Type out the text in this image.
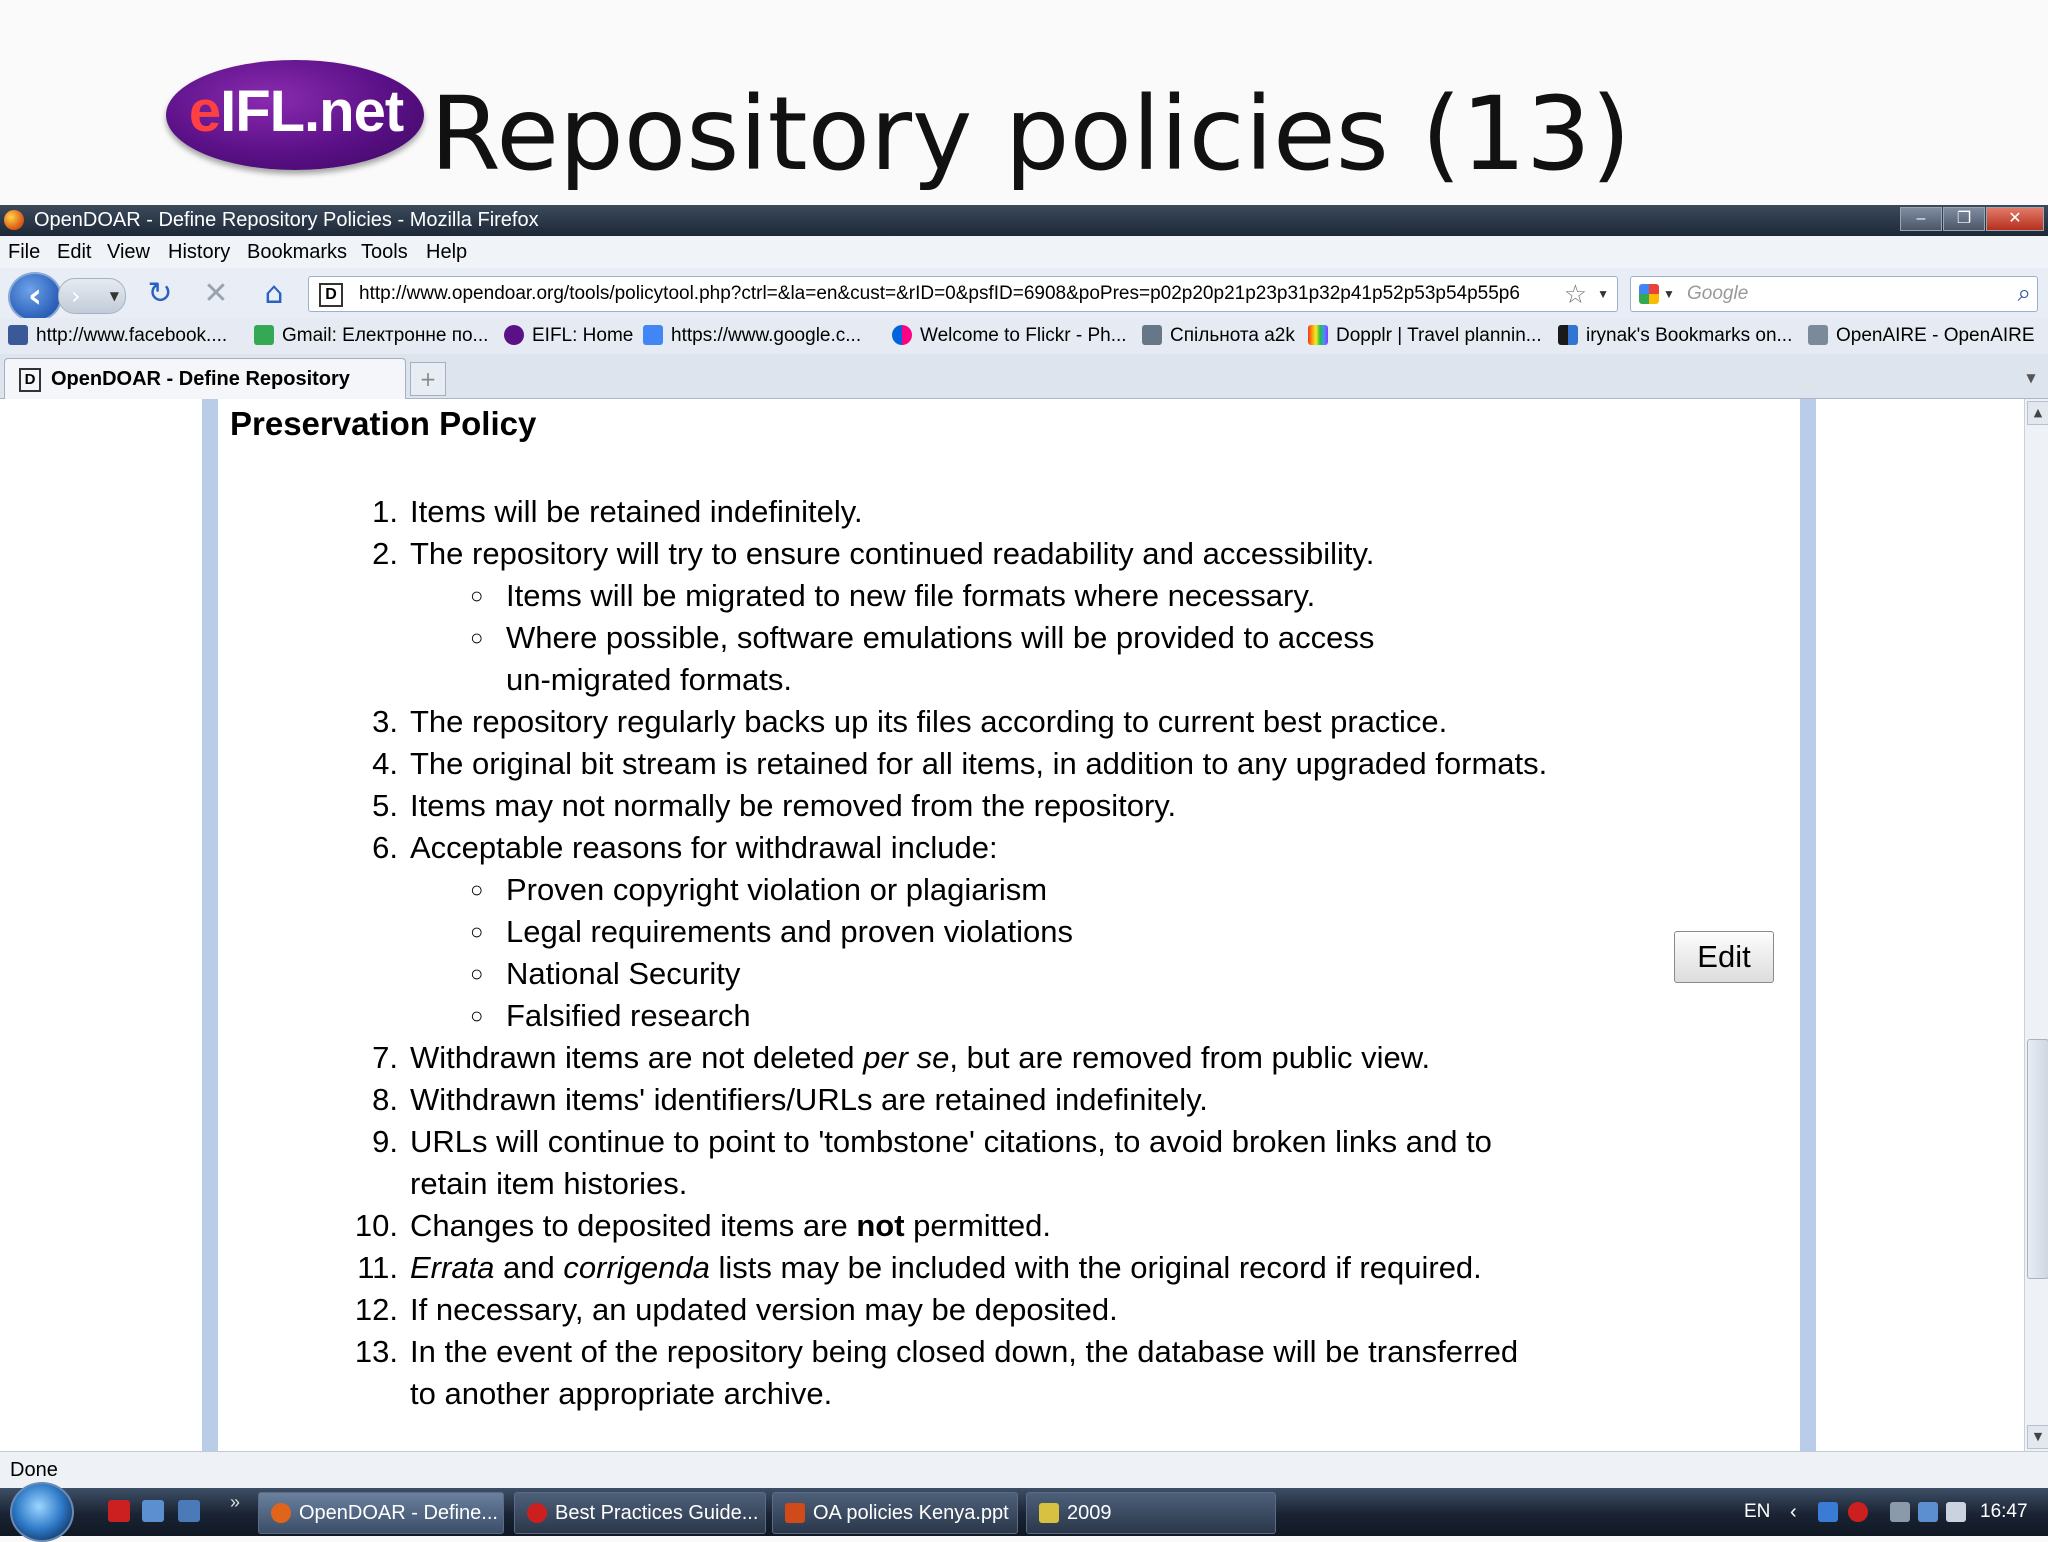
eIFL.net Repository policies (13)
OpenDOAR - Define Repository Policies - Mozilla Firefox	–	❐	✕
File Edit View History Bookmarks Tools Help
‹	›	▼ ↻ ✕ ⌂	D	http://www.opendoar.org/tools/policytool.php?ctrl=&la=en&cust=&rID=0&psfID=6908&poPres=p02p20p21p23p31p32p41p52p53p54p55p6	☆ ▼	▼ Google	⌕
http://www.facebook....	Gmail: Електронне по...	EIFL: Home	https://www.google.c...	Welcome to Flickr - Ph...	Спільнота a2k	Dopplr | Travel plannin...	irynak's Bookmarks on...	OpenAIRE - OpenAIRE
D OpenDOAR - Define Repository	+	▼
Preservation Policy
1. Items will be retained indefinitely.
2. The repository will try to ensure continued readability and accessibility.
○ Items will be migrated to new file formats where necessary.
○ Where possible, software emulations will be provided to access un-migrated formats.
3. The repository regularly backs up its files according to current best practice.
4. The original bit stream is retained for all items, in addition to any upgraded formats.
5. Items may not normally be removed from the repository.
6. Acceptable reasons for withdrawal include:
○ Proven copyright violation or plagiarism
○ Legal requirements and proven violations
○ National Security
○ Falsified research
7. Withdrawn items are not deleted per se, but are removed from public view.
8. Withdrawn items' identifiers/URLs are retained indefinitely.
9. URLs will continue to point to 'tombstone' citations, to avoid broken links and to retain item histories.
10. Changes to deposited items are not permitted.
11. Errata and corrigenda lists may be included with the original record if required.
12. If necessary, an updated version may be deposited.
13. In the event of the repository being closed down, the database will be transferred to another appropriate archive.
Edit
▲
▼
Done
»	OpenDOAR - Define...	Best Practices Guide...	OA policies Kenya.ppt	2009	EN ‹	16:47
